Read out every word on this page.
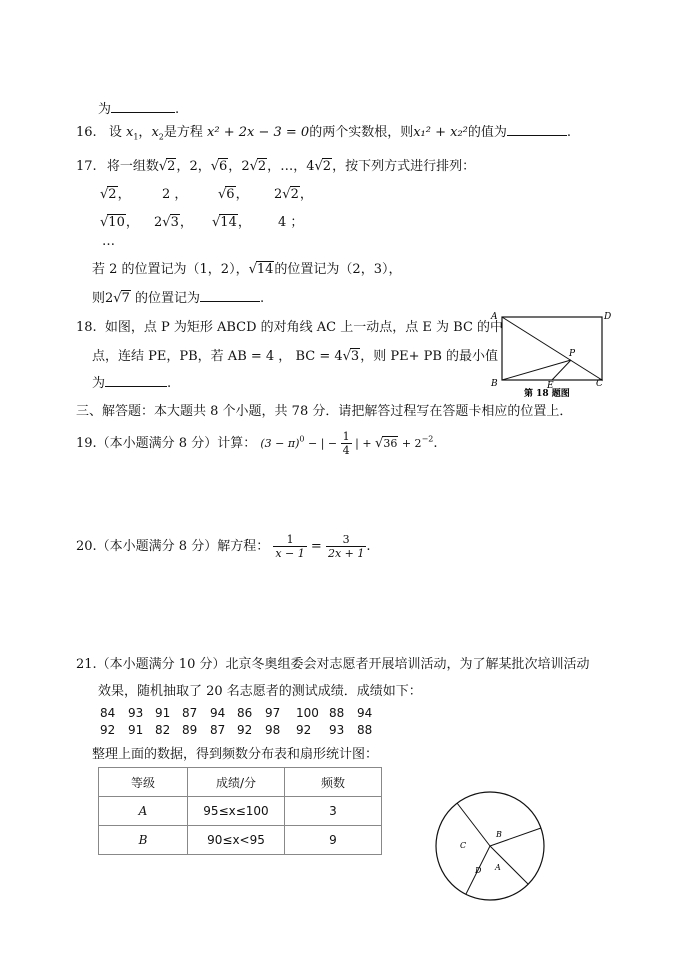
为	.
16. 设 $x_1$，$x_2$是方程 x² + 2x − 3 = 0的两个实数根，则x₁² + x₂²的值为	.
17. 将一组数√2，2，√6，2√2，…，4√2，按下列方式进行排列：
√2， 2 ， √6， 2√2，
√10， 2√3， √14， 4 ；
…
若 2 的位置记为（1，2），√14的位置记为（2，3），
则2√7 的位置记为	.
18. 如图，点 P 为矩形 ABCD 的对角线 AC 上一动点，点 E 为 BC 的中
点，连结 PE，PB，若 AB = 4 ， BC = 4√3，则 PE+ PB 的最小值
为	.
A	D
B	C
E
P
第 18 题图
三、解答题：本大题共 8 个小题，共 78 分．请把解答过程写在答题卡相应的位置上．
19.（本小题满分 8 分）计算： $(3 - \pi)^0$ − | − $\frac{1}{4}$ | + $√36 + 2^{-2}$.
20.（本小题满分 8 分）解方程： $\frac{1}{x - 1} = \frac{3}{2x + 1}$ .
21.（本小题满分 10 分）北京冬奥组委会对志愿者开展培训活动，为了解某批次培训活动
效果，随机抽取了 20 名志愿者的测试成绩．成绩如下：
84 93 91 87 94 86 97 100 88 94
92 91 82 89 87 92 98 92 93 88
整理上面的数据，得到频数分布表和扇形统计图：
等级	成绩/分	频数
A	95≤x≤100	3
B	90≤x<95	9	B
C
D A
